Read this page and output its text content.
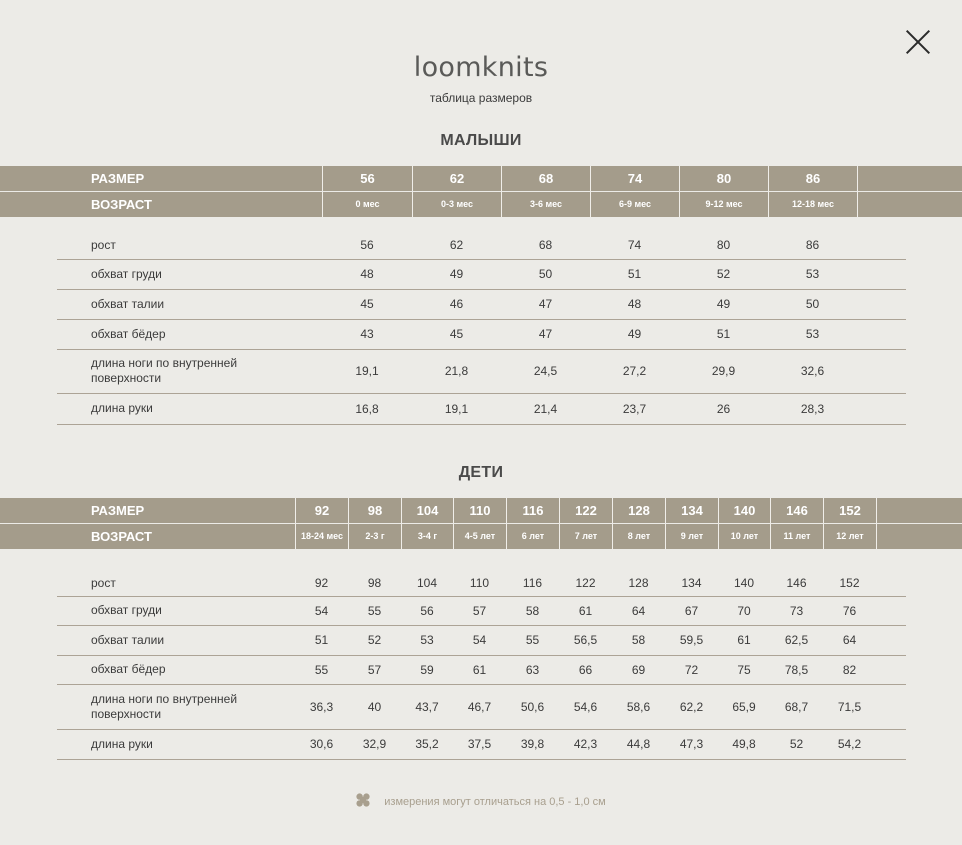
loomknits
таблица размеров
МАЛЫШИ
РАЗМЕР	56	62	68	74	80	86
ВОЗРАСТ	0 мес	0-3 мес	3-6 мес	6-9 мес	9-12 мес	12-18 мес
рост	56	62	68	74	80	86
обхват груди	48	49	50	51	52	53
обхват талии	45	46	47	48	49	50
обхват бёдер	43	45	47	49	51	53
длина ноги по внутренней поверхности	19,1	21,8	24,5	27,2	29,9	32,6
длина руки	16,8	19,1	21,4	23,7	26	28,3
ДЕТИ
РАЗМЕР	92	98	104	110	116	122	128	134	140	146	152
ВОЗРАСТ	18-24 мес	2-3 г	3-4 г	4-5 лет	6 лет	7 лет	8 лет	9 лет	10 лет	11 лет	12 лет
рост	92	98	104	110	116	122	128	134	140	146	152
обхват груди	54	55	56	57	58	61	64	67	70	73	76
обхват талии	51	52	53	54	55	56,5	58	59,5	61	62,5	64
обхват бёдер	55	57	59	61	63	66	69	72	75	78,5	82
длина ноги по внутренней поверхности	36,3	40	43,7	46,7	50,6	54,6	58,6	62,2	65,9	68,7	71,5
длина руки	30,6	32,9	35,2	37,5	39,8	42,3	44,8	47,3	49,8	52	54,2
измерения могут отличаться на 0,5 - 1,0 см
